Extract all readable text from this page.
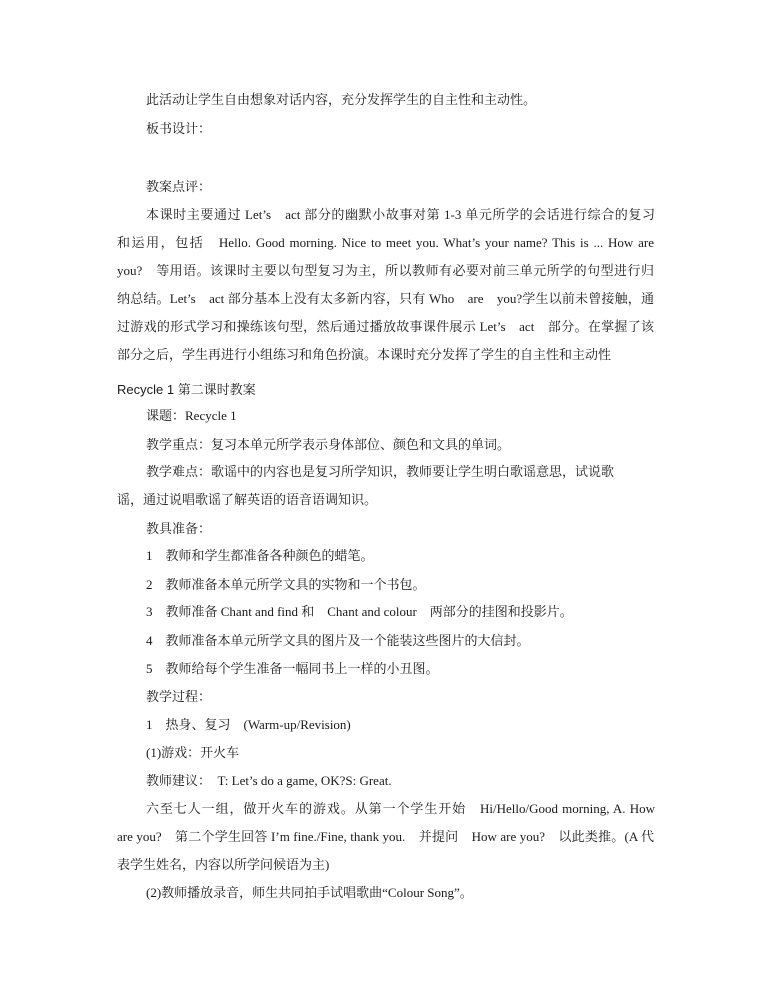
此活动让学生自由想象对话内容，充分发挥学生的自主性和主动性。
板书设计：
教案点评：
本课时主要通过 Let’s　act 部分的幽默小故事对第 1-3 单元所学的会话进行综合的复习
和运用，包括　Hello. Good morning. Nice to meet you. What’s your name? This is ... How are
you?　等用语。该课时主要以句型复习为主，所以教师有必要对前三单元所学的句型进行归
纳总结。Let’s　act 部分基本上没有太多新内容，只有 Who　are　you?学生以前未曾接触，通
过游戏的形式学习和操练该句型，然后通过播放故事课件展示 Let’s　act　部分。在掌握了该
部分之后，学生再进行小组练习和角色扮演。本课时充分发挥了学生的自主性和主动性
Recycle 1 第二课时教案
课题：Recycle 1
教学重点：复习本单元所学表示身体部位、颜色和文具的单词。
教学难点：歌谣中的内容也是复习所学知识，教师要让学生明白歌谣意思，试说歌
谣，通过说唱歌谣了解英语的语音语调知识。
教具准备：
1　教师和学生都准备各种颜色的蜡笔。
2　教师准备本单元所学文具的实物和一个书包。
3　教师准备 Chant and find 和　Chant and colour　两部分的挂图和投影片。
4　教师准备本单元所学文具的图片及一个能装这些图片的大信封。
5　教师给每个学生准备一幅同书上一样的小丑图。
教学过程：
1　热身、复习　(Warm-up/Revision)
(1)游戏：开火车
教师建议：　T: Let’s do a game, OK?S: Great.
六至七人一组，做开火车的游戏。从第一个学生开始　Hi/Hello/Good morning, A. How
are you?　第二个学生回答 I’m fine./Fine, thank you.　并提问　How are you?　以此类推。(A 代
表学生姓名，内容以所学问候语为主)
(2)教师播放录音，师生共同拍手试唱歌曲“Colour Song”。
